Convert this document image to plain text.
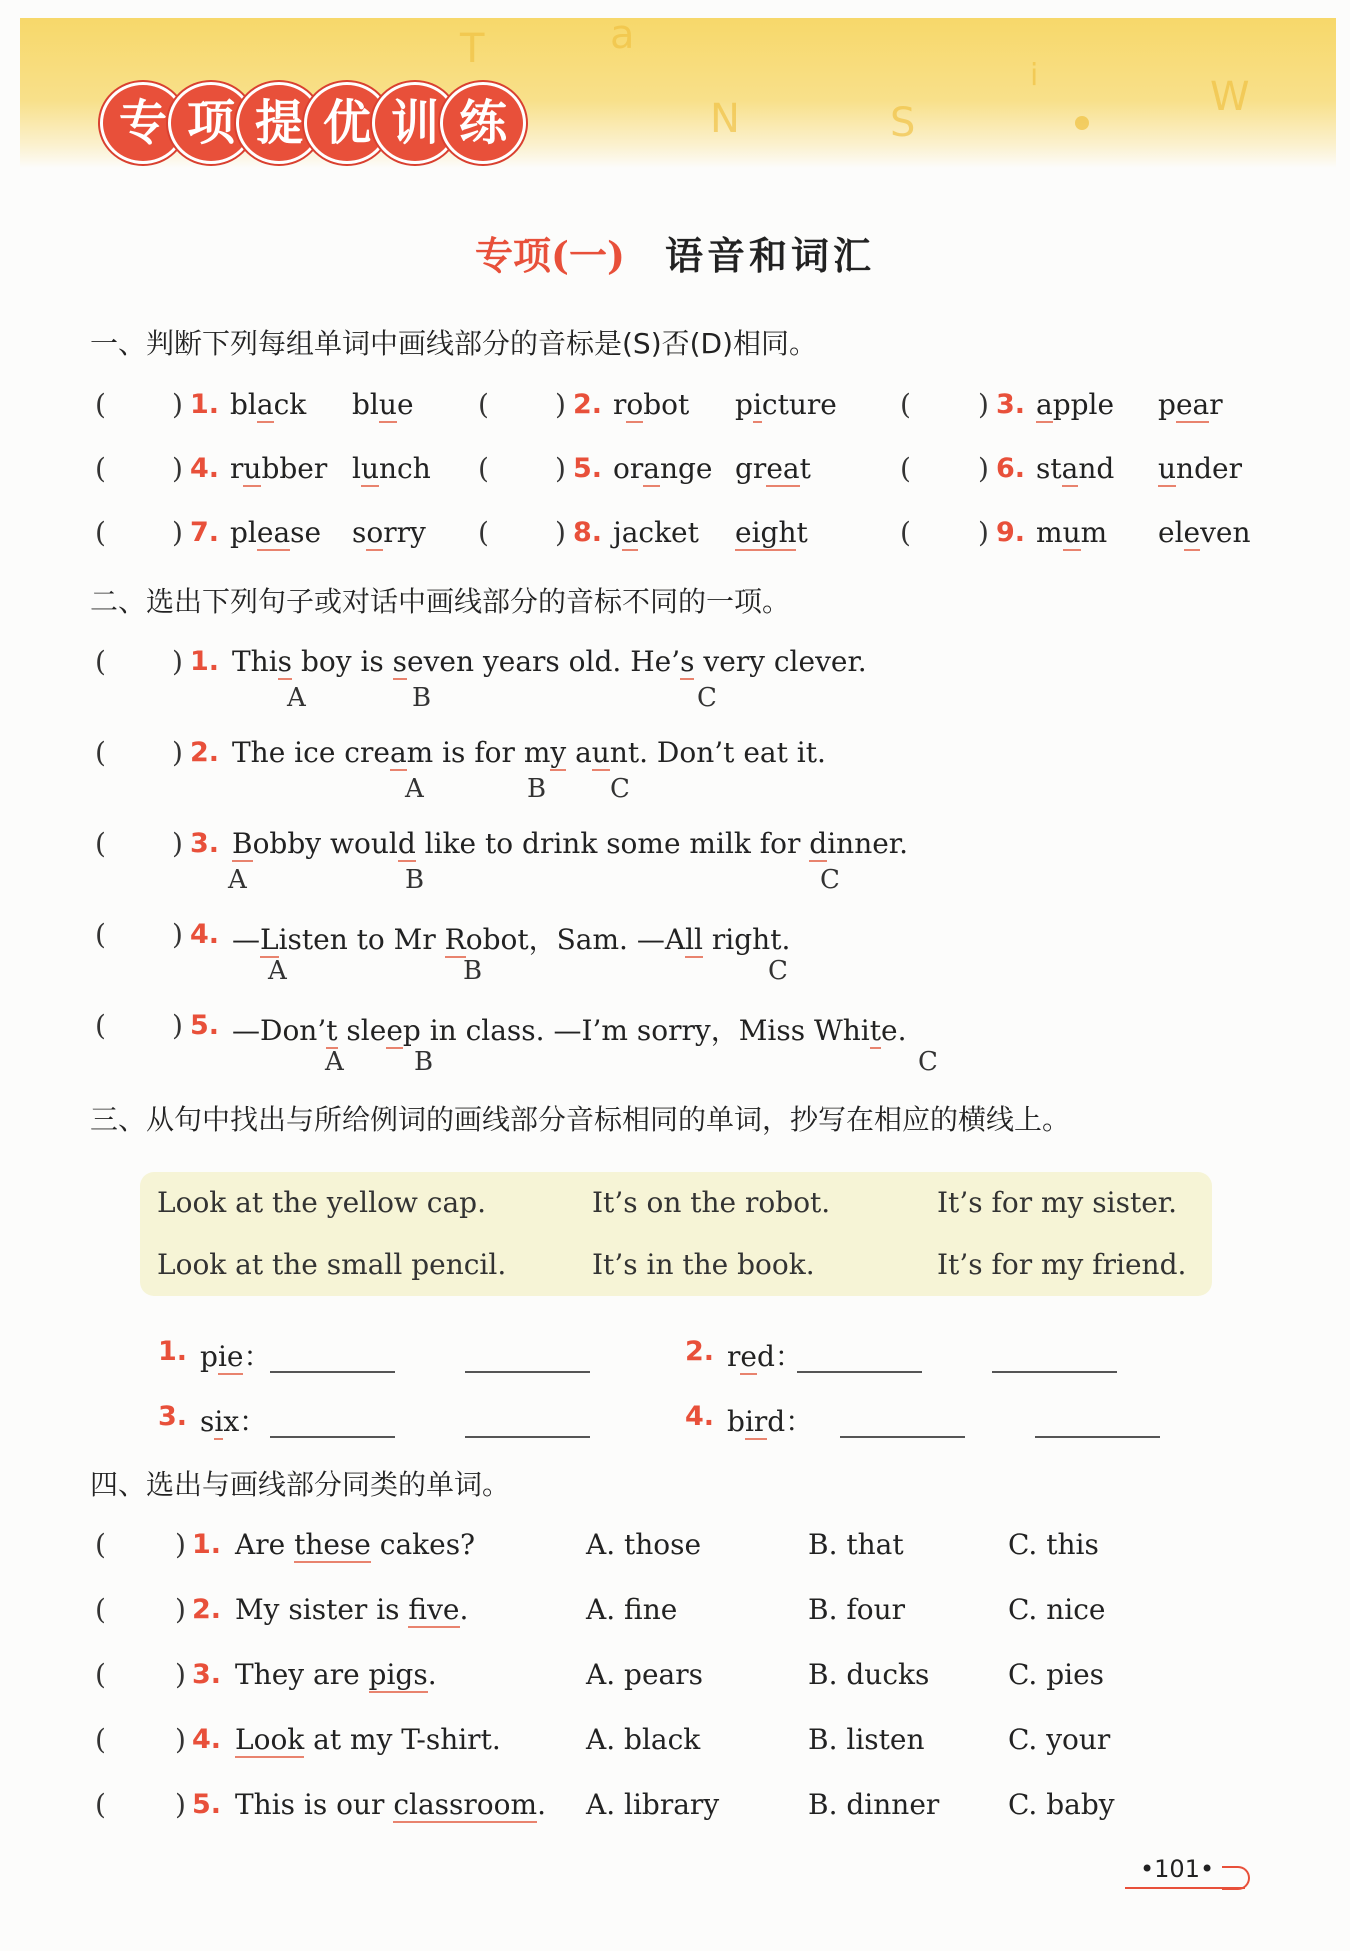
T	a
N	S
i	W
专 项 提 优 训 练
专项(一) 语音和词汇
一、判断下列每组单词中画线部分的音标是(S)否(D)相同。
( ) 1. black blue ( ) 2. robot picture ( ) 3. apple pear
( ) 4. rubber lunch ( ) 5. orange great	( ) 6. stand under
( ) 7. please sorry ( ) 8. jacket eight	( ) 9. mum eleven
二、选出下列句子或对话中画线部分的音标不同的一项。
( ) 1. This boy is seven years old. He’s very clever.
A	B	C
( ) 2. The ice cream is for my aunt. Don’t eat it.
A	B C
( ) 3. Bobby would like to drink some milk for dinner.
A	B	C
( ) 4. —Listen to Mr Robot，Sam. —All right.
A	B	C
( ) 5. —Don’t sleep in class. —I’m sorry，Miss White.
A	B	C
三、从句中找出与所给例词的画线部分音标相同的单词，抄写在相应的横线上。
Look at the yellow cap.	It’s on the robot.	It’s for my sister.
Look at the small pencil.	It’s in the book.	It’s for my friend.
1. pie：	2. red：
3. six：	4. bird：
四、选出与画线部分同类的单词。
( ) 1. Are these cakes?	A. those	B. that	C. this
( ) 2. My sister is five.	A. fine	B. four	C. nice
( ) 3. They are pigs.	A. pears	B. ducks	C. pies
( ) 4. Look at my T-shirt.	A. black	B. listen	C. your
( ) 5. This is our classroom. A. library	B. dinner C. baby
•101•
